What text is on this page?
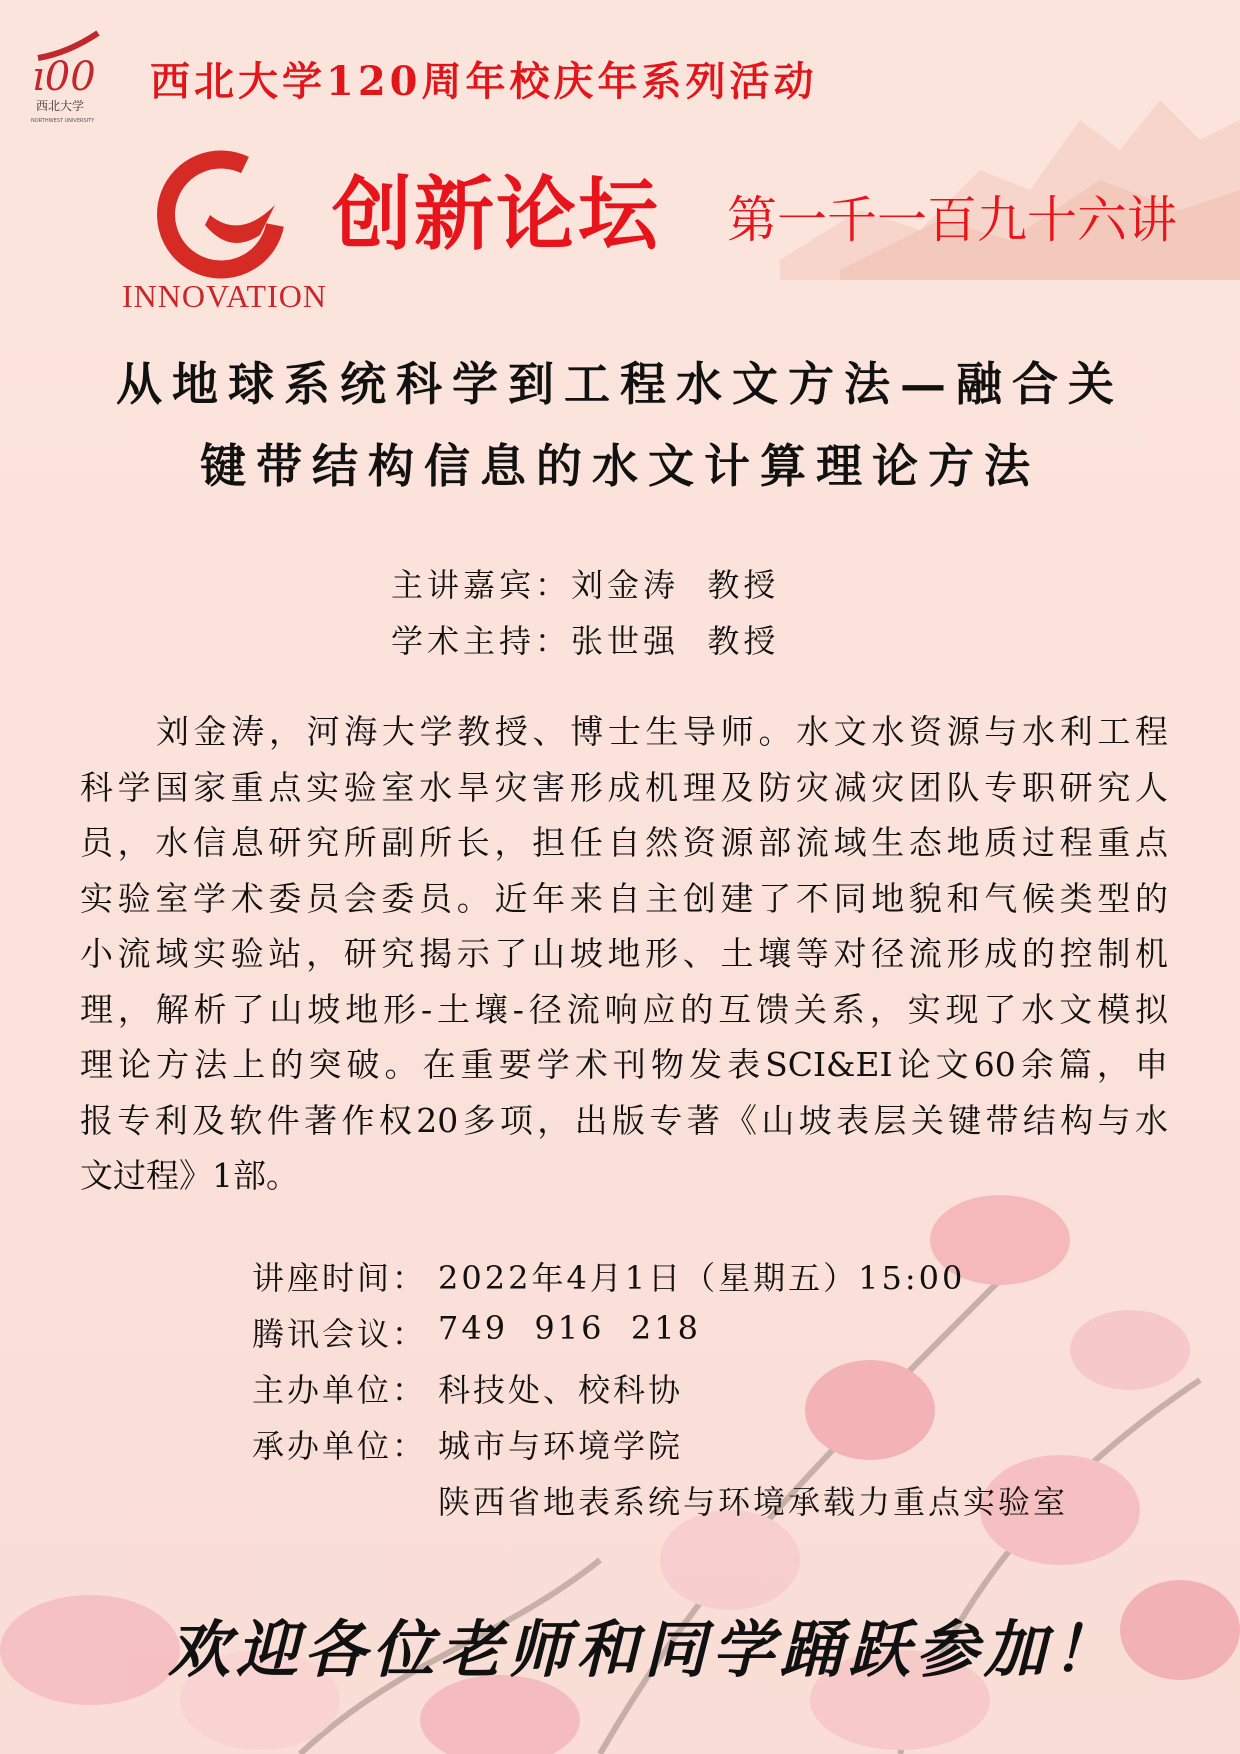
ı00
西北大学
NORTHWEST UNIVERSITY
西北大学120周年校庆年系列活动
INNOVATION
创新论坛 第一千一百九十六讲
从地球系统科学到工程水文方法—融合关
键带结构信息的水文计算理论方法
主讲嘉宾：刘金涛  教授
学术主持：张世强  教授
刘金涛，河海大学教授、博士生导师。水文水资源与水利工程
科学国家重点实验室水旱灾害形成机理及防灾减灾团队专职研究人
员，水信息研究所副所长，担任自然资源部流域生态地质过程重点
实验室学术委员会委员。近年来自主创建了不同地貌和气候类型的
小流域实验站，研究揭示了山坡地形、土壤等对径流形成的控制机
理，解析了山坡地形-土壤-径流响应的互馈关系，实现了水文模拟
理论方法上的突破。在重要学术刊物发表SCI&EI论文60余篇，申
报专利及软件著作权20多项，出版专著《山坡表层关键带结构与水
文过程》1部。
讲座时间： 2022年4月1日（星期五）15:00
腾讯会议： 749  916  218
主办单位： 科技处、校科协
承办单位： 城市与环境学院
陕西省地表系统与环境承载力重点实验室
欢迎各位老师和同学踊跃参加！
